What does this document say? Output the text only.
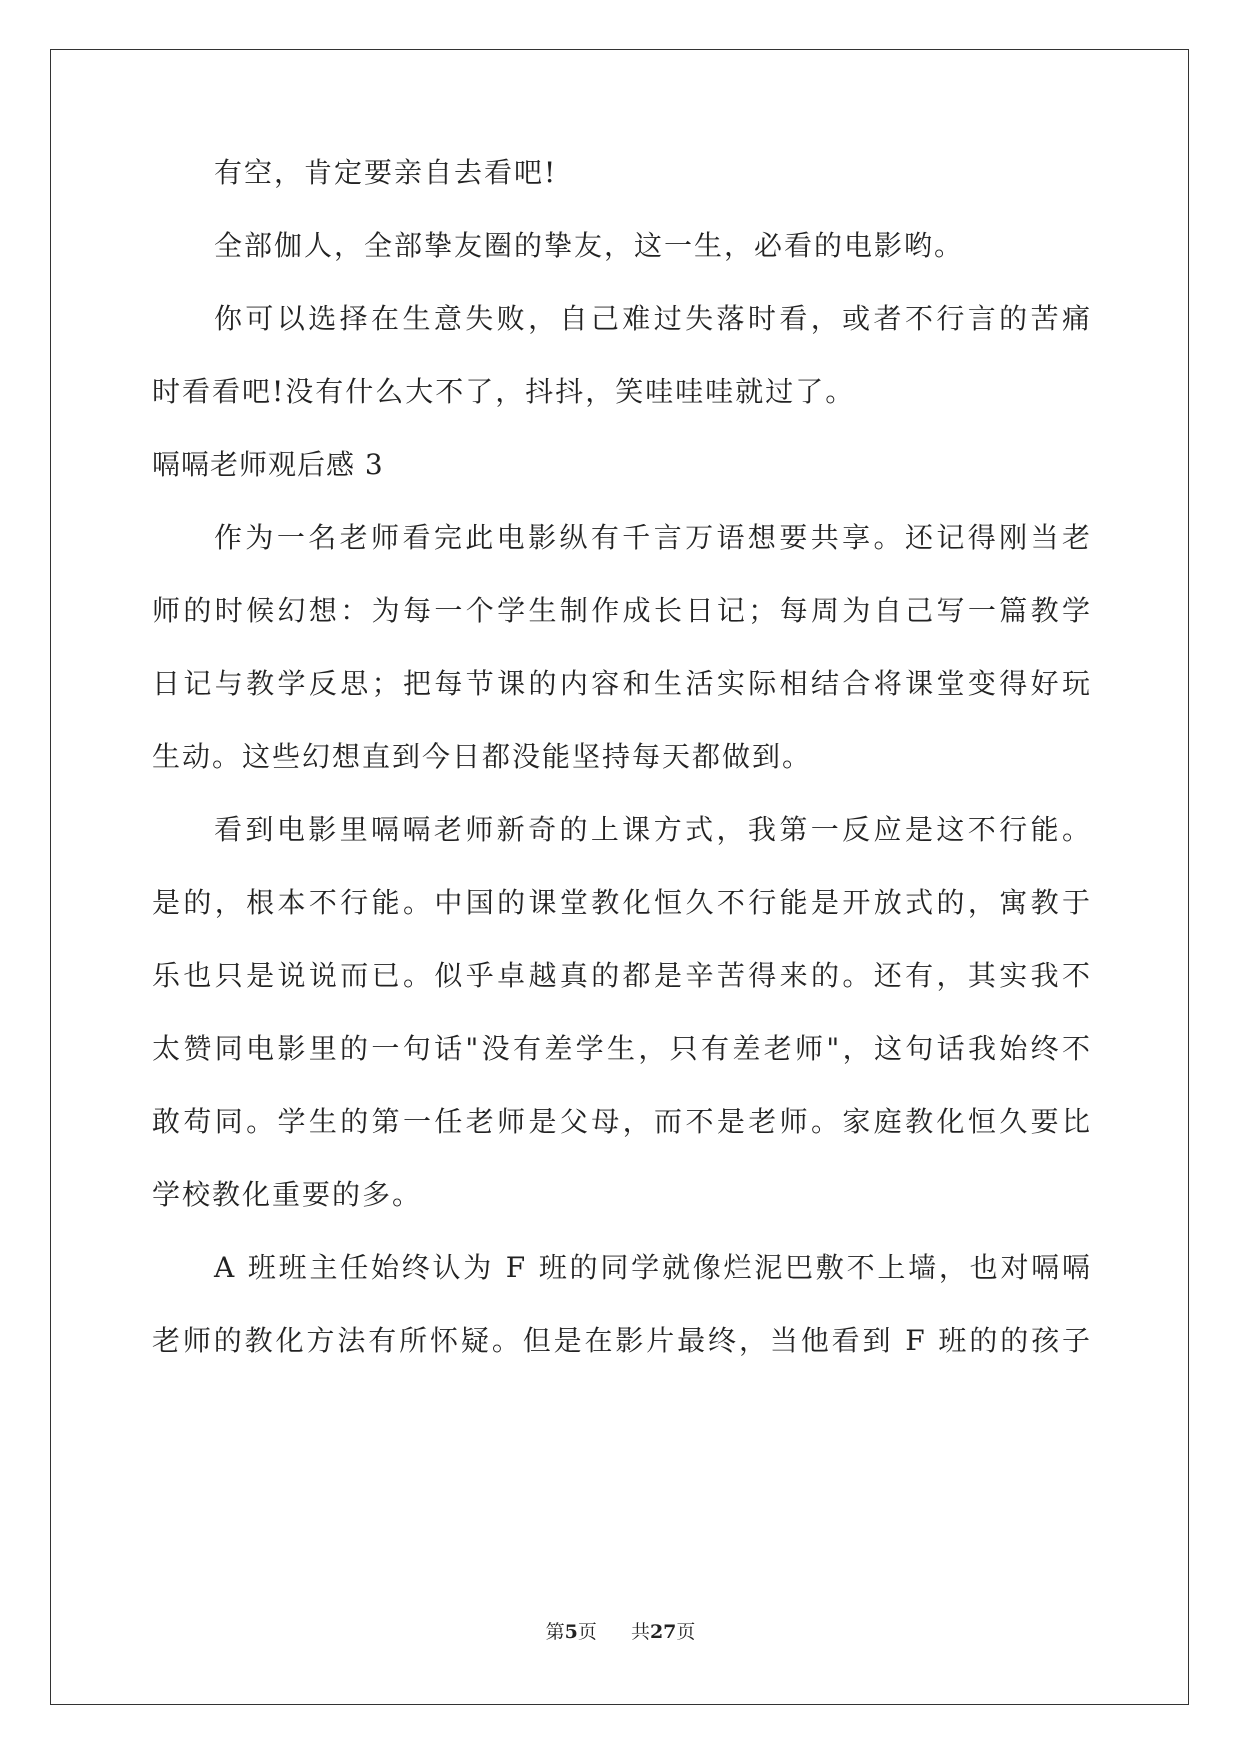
有空，肯定要亲自去看吧!
全部伽人，全部挚友圈的挚友，这一生，必看的电影哟。
你可以选择在生意失败，自己难过失落时看，或者不行言的苦痛
时看看吧!没有什么大不了，抖抖，笑哇哇哇就过了。
嗝嗝老师观后感 3
作为一名老师看完此电影纵有千言万语想要共享。还记得刚当老
师的时候幻想：为每一个学生制作成长日记；每周为自己写一篇教学
日记与教学反思；把每节课的内容和生活实际相结合将课堂变得好玩
生动。这些幻想直到今日都没能坚持每天都做到。
看到电影里嗝嗝老师新奇的上课方式，我第一反应是这不行能。
是的，根本不行能。中国的课堂教化恒久不行能是开放式的，寓教于
乐也只是说说而已。似乎卓越真的都是辛苦得来的。还有，其实我不
太赞同电影里的一句话"没有差学生，只有差老师"，这句话我始终不
敢苟同。学生的第一任老师是父母，而不是老师。家庭教化恒久要比
学校教化重要的多。
A 班班主任始终认为 F 班的同学就像烂泥巴敷不上墙，也对嗝嗝
老师的教化方法有所怀疑。但是在影片最终，当他看到 F 班的的孩子
第5页 共27页
